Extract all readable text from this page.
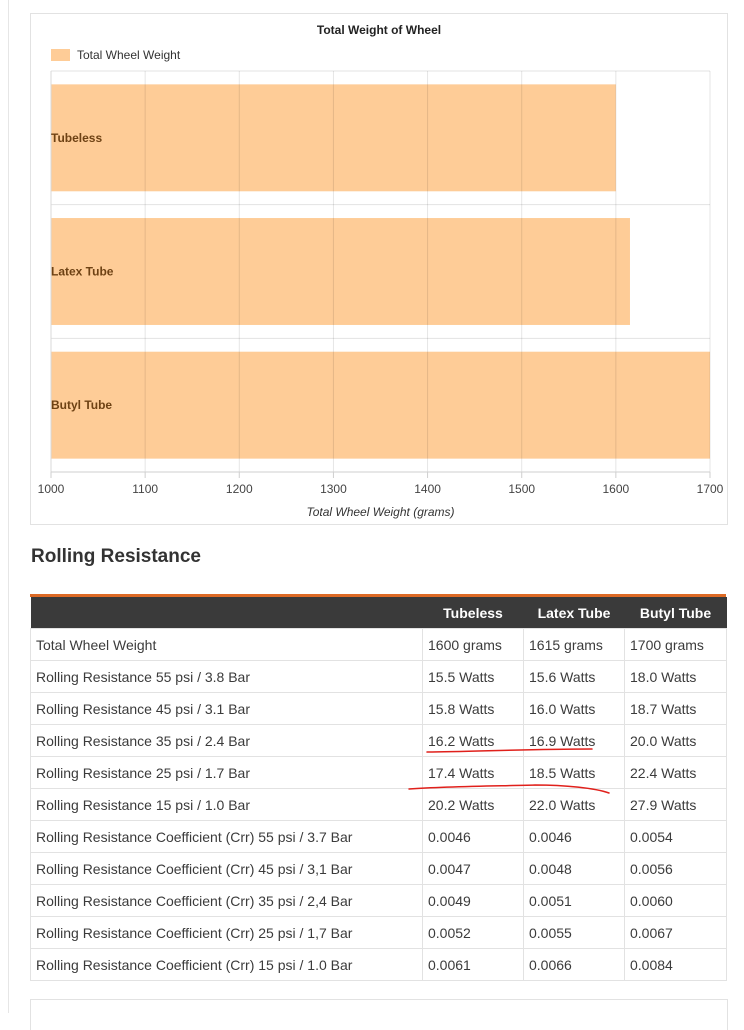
Total Weight of Wheel
Total Wheel Weight
1000	1100	1200	1300	1400	1500	1600	1700
Tubeless
Latex Tube
Butyl Tube
Total Wheel Weight (grams)
Rolling Resistance
	Tubeless	Latex Tube	Butyl Tube
Total Wheel Weight	1600 grams	1615 grams	1700 grams
Rolling Resistance 55 psi / 3.8 Bar	15.5 Watts	15.6 Watts	18.0 Watts
Rolling Resistance 45 psi / 3.1 Bar	15.8 Watts	16.0 Watts	18.7 Watts
Rolling Resistance 35 psi / 2.4 Bar	16.2 Watts	16.9 Watts	20.0 Watts
Rolling Resistance 25 psi / 1.7 Bar	17.4 Watts	18.5 Watts	22.4 Watts
Rolling Resistance 15 psi / 1.0 Bar	20.2 Watts	22.0 Watts	27.9 Watts
Rolling Resistance Coefficient (Crr) 55 psi / 3.7 Bar	0.0046	0.0046	0.0054
Rolling Resistance Coefficient (Crr) 45 psi / 3,1 Bar	0.0047	0.0048	0.0056
Rolling Resistance Coefficient (Crr) 35 psi / 2,4 Bar	0.0049	0.0051	0.0060
Rolling Resistance Coefficient (Crr) 25 psi / 1,7 Bar	0.0052	0.0055	0.0067
Rolling Resistance Coefficient (Crr) 15 psi / 1.0 Bar	0.0061	0.0066	0.0084
